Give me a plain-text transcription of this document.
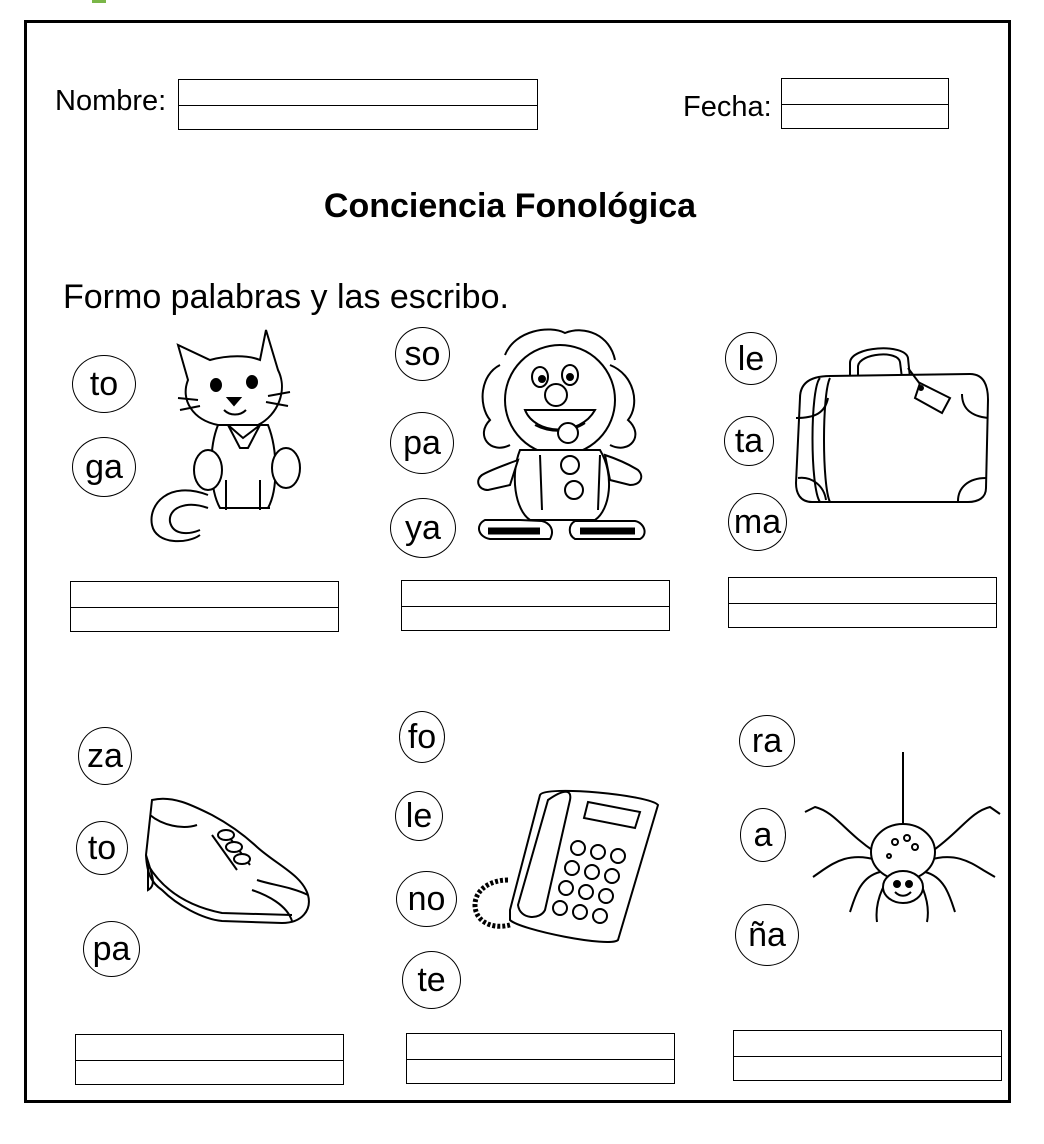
Nombre:	Fecha:
Conciencia Fonológica
Formo palabras y las escribo.
to
ga
so
pa
ya
le
ta
ma
za
to
pa
fo
le
no
te
ra
a
ña
